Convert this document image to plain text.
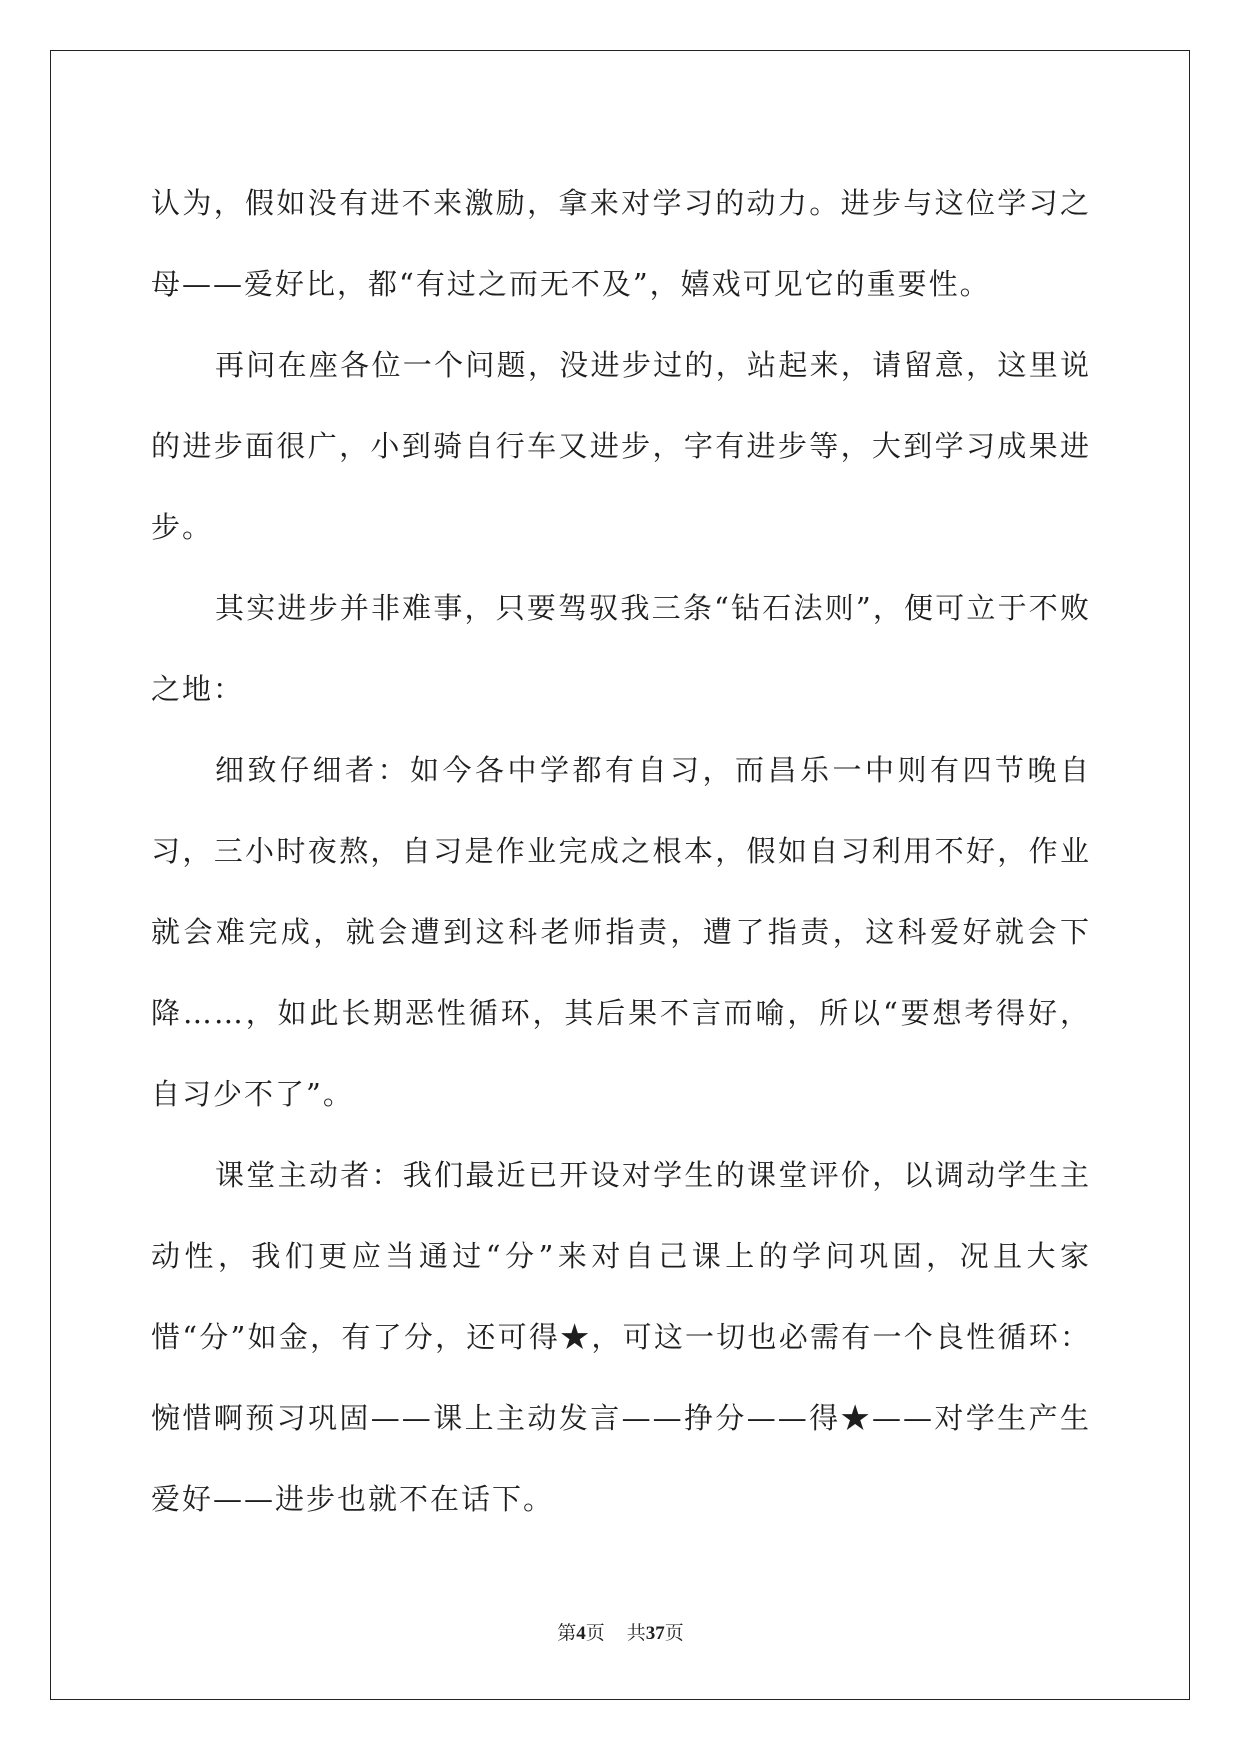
认为，假如没有进不来激励，拿来对学习的动力。进步与这位学习之母——爱好比，都“有过之而无不及”，嬉戏可见它的重要性。

再问在座各位一个问题，没进步过的，站起来，请留意，这里说的进步面很广，小到骑自行车又进步，字有进步等，大到学习成果进步。

其实进步并非难事，只要驾驭我三条“钻石法则”，便可立于不败之地：

细致仔细者：如今各中学都有自习，而昌乐一中则有四节晚自习，三小时夜熬，自习是作业完成之根本，假如自习利用不好，作业就会难完成，就会遭到这科老师指责，遭了指责，这科爱好就会下降……，如此长期恶性循环，其后果不言而喻，所以“要想考得好，自习少不了”。

课堂主动者：我们最近已开设对学生的课堂评价，以调动学生主动性，我们更应当通过“分”来对自己课上的学问巩固，况且大家惜“分”如金，有了分，还可得★，可这一切也必需有一个良性循环：惋惜啊预习巩固——课上主动发言——挣分——得★——对学生产生爱好——进步也就不在话下。

第4页 共37页
